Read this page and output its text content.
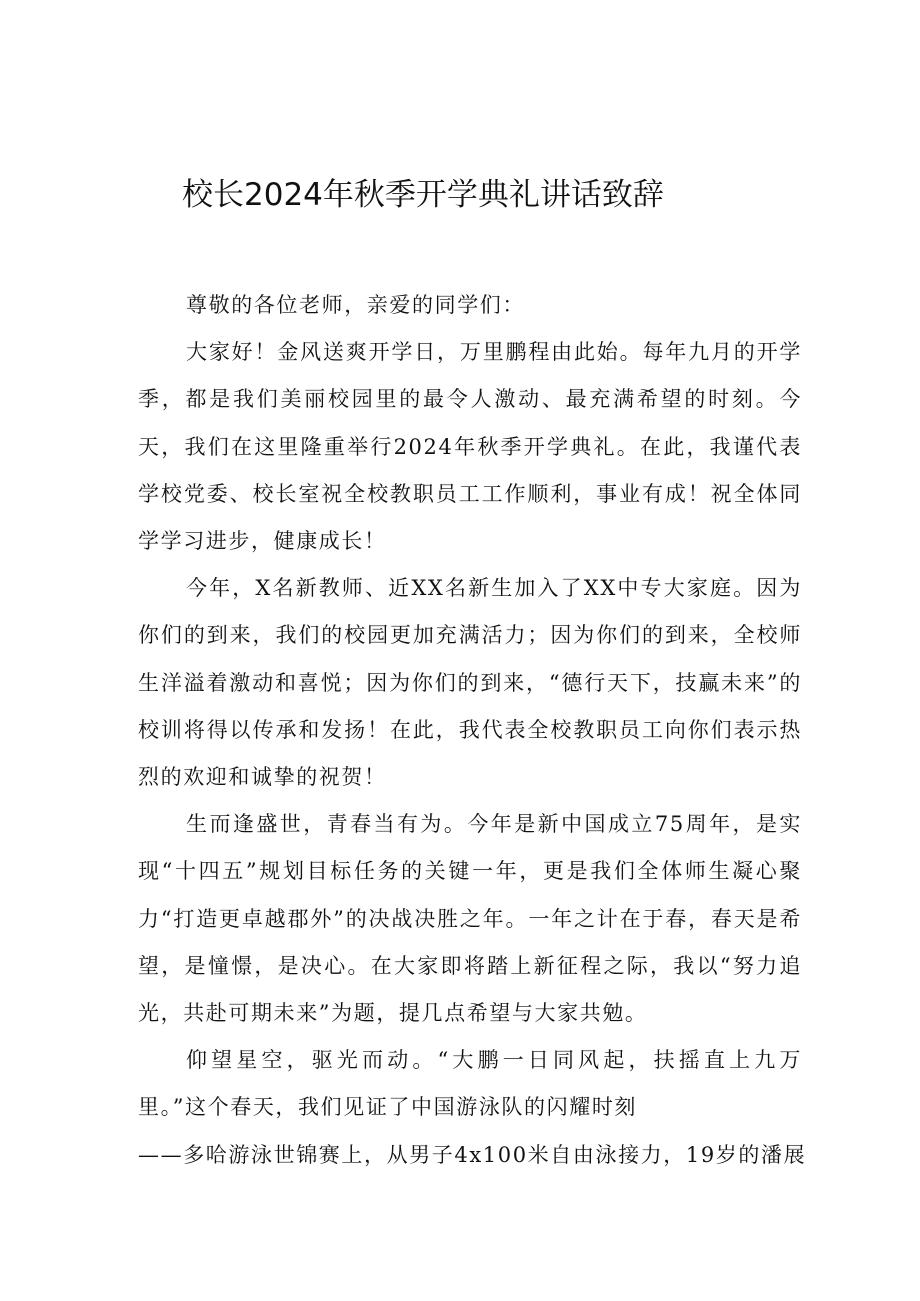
校长2024年秋季开学典礼讲话致辞

尊敬的各位老师，亲爱的同学们：

大家好！金风送爽开学日，万里鹏程由此始。每年九月的开学季，都是我们美丽校园里的最令人激动、最充满希望的时刻。今天，我们在这里隆重举行2024年秋季开学典礼。在此，我谨代表学校党委、校长室祝全校教职员工工作顺利，事业有成！祝全体同学学习进步，健康成长！

今年，X名新教师、近XX名新生加入了XX中专大家庭。因为你们的到来，我们的校园更加充满活力；因为你们的到来，全校师生洋溢着激动和喜悦；因为你们的到来，“德行天下，技赢未来”的校训将得以传承和发扬！在此，我代表全校教职员工向你们表示热烈的欢迎和诚挚的祝贺！

生而逢盛世，青春当有为。今年是新中国成立75周年，是实现“十四五”规划目标任务的关键一年，更是我们全体师生凝心聚力“打造更卓越郡外”的决战决胜之年。一年之计在于春，春天是希望，是憧憬，是决心。在大家即将踏上新征程之际，我以“努力追光，共赴可期未来”为题，提几点希望与大家共勉。

仰望星空，驱光而动。“大鹏一日同风起，扶摇直上九万里。”这个春天，我们见证了中国游泳队的闪耀时刻

——多哈游泳世锦赛上，从男子4x100米自由泳接力，19岁的潘展
